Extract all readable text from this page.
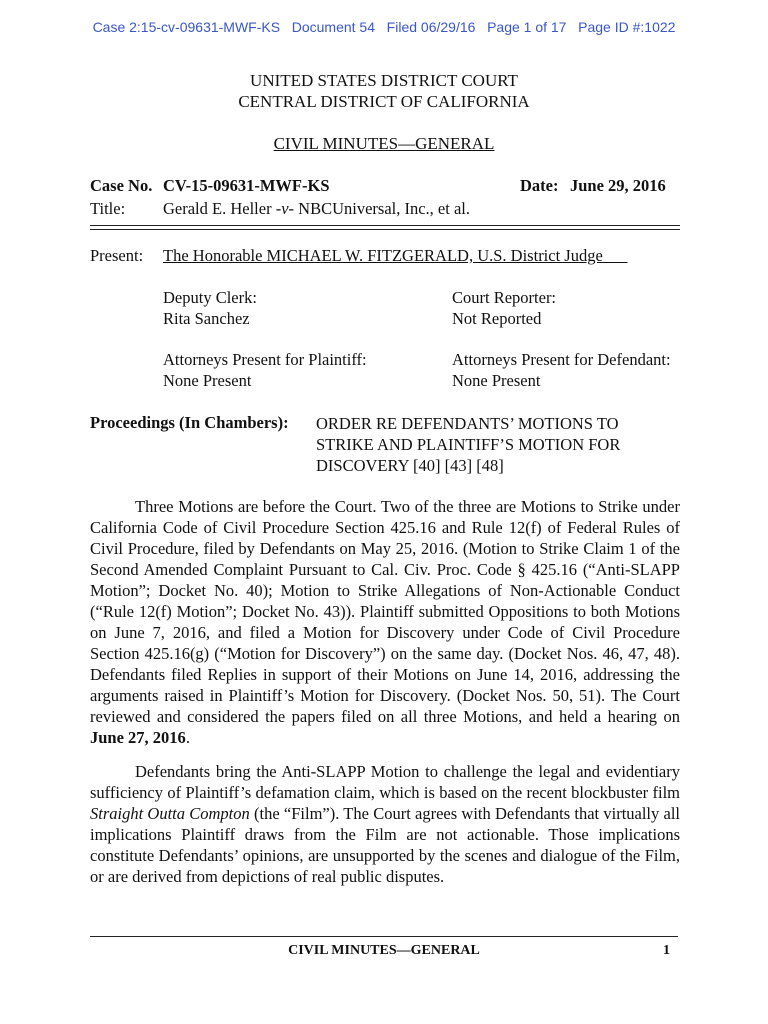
Case 2:15-cv-09631-MWF-KS   Document 54   Filed 06/29/16   Page 1 of 17   Page ID #:1022
UNITED STATES DISTRICT COURT
CENTRAL DISTRICT OF CALIFORNIA
CIVIL MINUTES—GENERAL
Case No. CV-15-09631-MWF-KS	Date: June 29, 2016
Title: Gerald E. Heller -v- NBCUniversal, Inc., et al.
Present: The Honorable MICHAEL W. FITZGERALD, U.S. District Judge
Deputy Clerk:
Rita Sanchez
Court Reporter:
Not Reported
Attorneys Present for Plaintiff:
None Present
Attorneys Present for Defendant:
None Present
Proceedings (In Chambers): ORDER RE DEFENDANTS’ MOTIONS TO
STRIKE AND PLAINTIFF’S MOTION FOR
DISCOVERY [40] [43] [48]

Three Motions are before the Court. Two of the three are Motions to Strike under California Code of Civil Procedure Section 425.16 and Rule 12(f) of Federal Rules of Civil Procedure, filed by Defendants on May 25, 2016. (Motion to Strike Claim 1 of the Second Amended Complaint Pursuant to Cal. Civ. Proc. Code § 425.16 (“Anti-SLAPP Motion”; Docket No. 40); Motion to Strike Allegations of Non-Actionable Conduct (“Rule 12(f) Motion”; Docket No. 43)). Plaintiff submitted Oppositions to both Motions on June 7, 2016, and filed a Motion for Discovery under Code of Civil Procedure Section 425.16(g) (“Motion for Discovery”) on the same day. (Docket Nos. 46, 47, 48). Defendants filed Replies in support of their Motions on June 14, 2016, addressing the arguments raised in Plaintiff’s Motion for Discovery. (Docket Nos. 50, 51). The Court reviewed and considered the papers filed on all three Motions, and held a hearing on June 27, 2016.

Defendants bring the Anti-SLAPP Motion to challenge the legal and evidentiary sufficiency of Plaintiff’s defamation claim, which is based on the recent blockbuster film Straight Outta Compton (the “Film”). The Court agrees with Defendants that virtually all implications Plaintiff draws from the Film are not actionable. Those implications constitute Defendants’ opinions, are unsupported by the scenes and dialogue of the Film, or are derived from depictions of real public disputes.

CIVIL MINUTES—GENERAL	1
